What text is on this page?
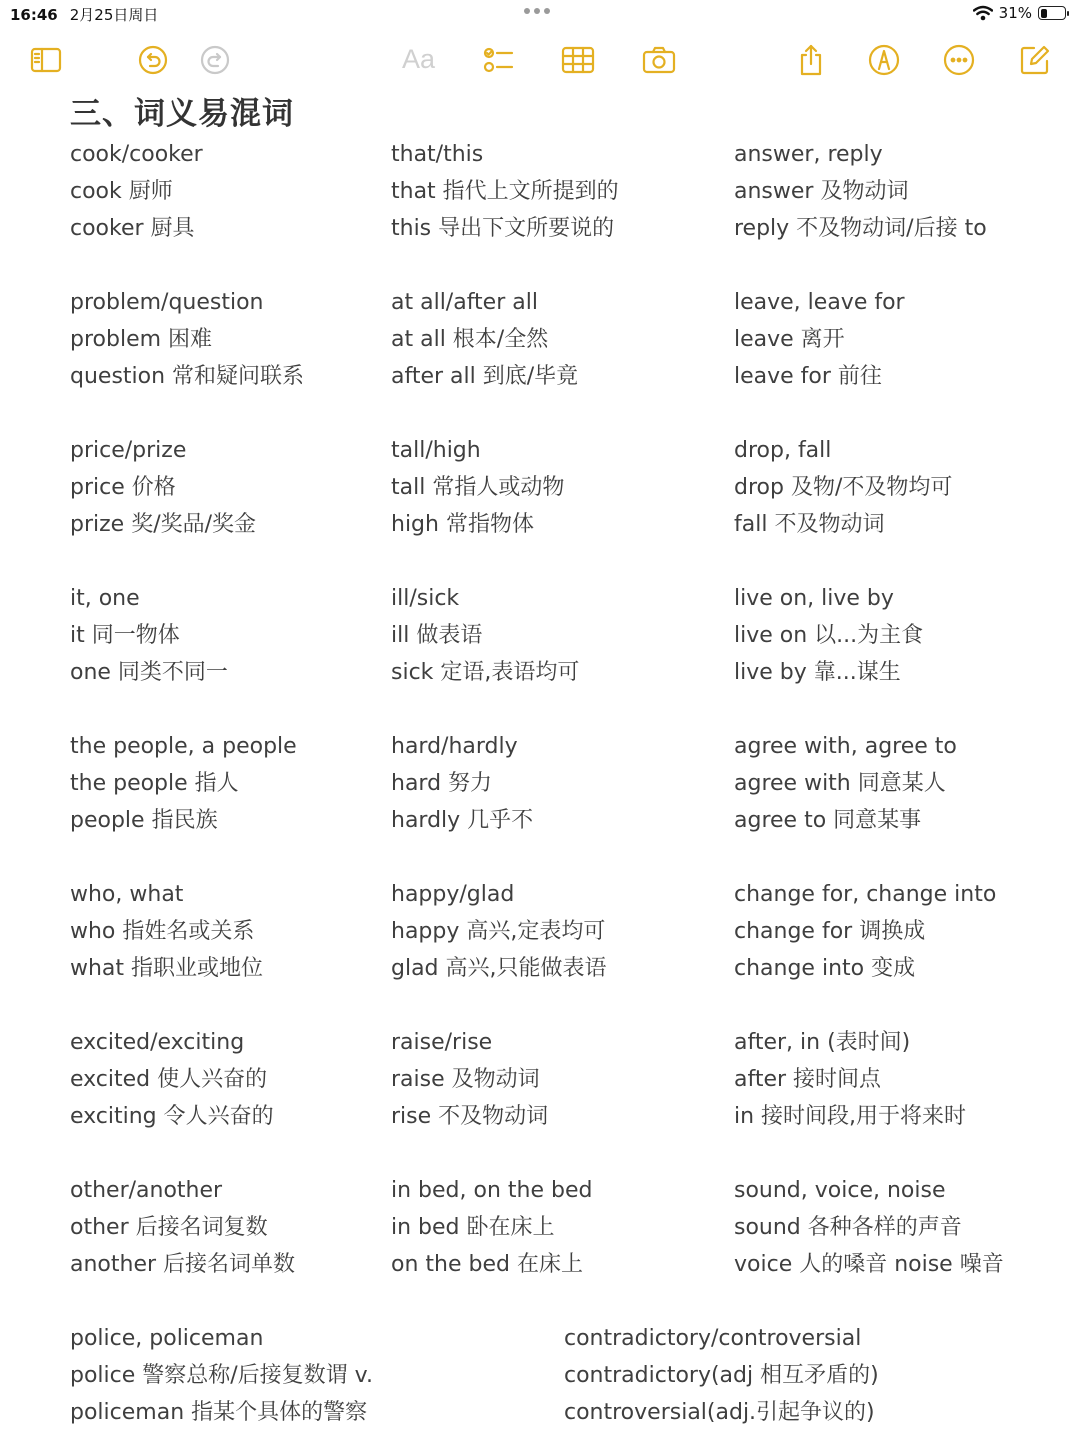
16:46 2月25日周日	31%
Aa
三、词义易混词
cook/cooker
cook 厨师
cooker 厨具
problem/question
problem 困难
question 常和疑问联系
price/prize
price 价格
prize 奖/奖品/奖金
it, one
it 同一物体
one 同类不同一
the people, a people
the people 指人
people 指民族
who, what
who 指姓名或关系
what 指职业或地位
excited/exciting
excited 使人兴奋的
exciting 令人兴奋的
other/another
other 后接名词复数
another 后接名词单数
that/this
that 指代上文所提到的
this 导出下文所要说的
at all/after all
at all 根本/全然
after all 到底/毕竟
tall/high
tall 常指人或动物
high 常指物体
ill/sick
ill 做表语
sick 定语,表语均可
hard/hardly
hard 努力
hardly 几乎不
happy/glad
happy 高兴,定表均可
glad 高兴,只能做表语
raise/rise
raise 及物动词
rise 不及物动词
in bed, on the bed
in bed 卧在床上
on the bed 在床上
answer, reply
answer 及物动词
reply 不及物动词/后接 to
leave, leave for
leave 离开
leave for 前往
drop, fall
drop 及物/不及物均可
fall 不及物动词
live on, live by
live on 以...为主食
live by 靠...谋生
agree with, agree to
agree with 同意某人
agree to 同意某事
change for, change into
change for 调换成
change into 变成
after, in (表时间)
after 接时间点
in 接时间段,用于将来时
sound, voice, noise
sound 各种各样的声音
voice 人的嗓音 noise 噪音
police, policeman
police 警察总称/后接复数谓 v.
policeman 指某个具体的警察
contradictory/controversial
contradictory(adj 相互矛盾的)
controversial(adj.引起争议的)
